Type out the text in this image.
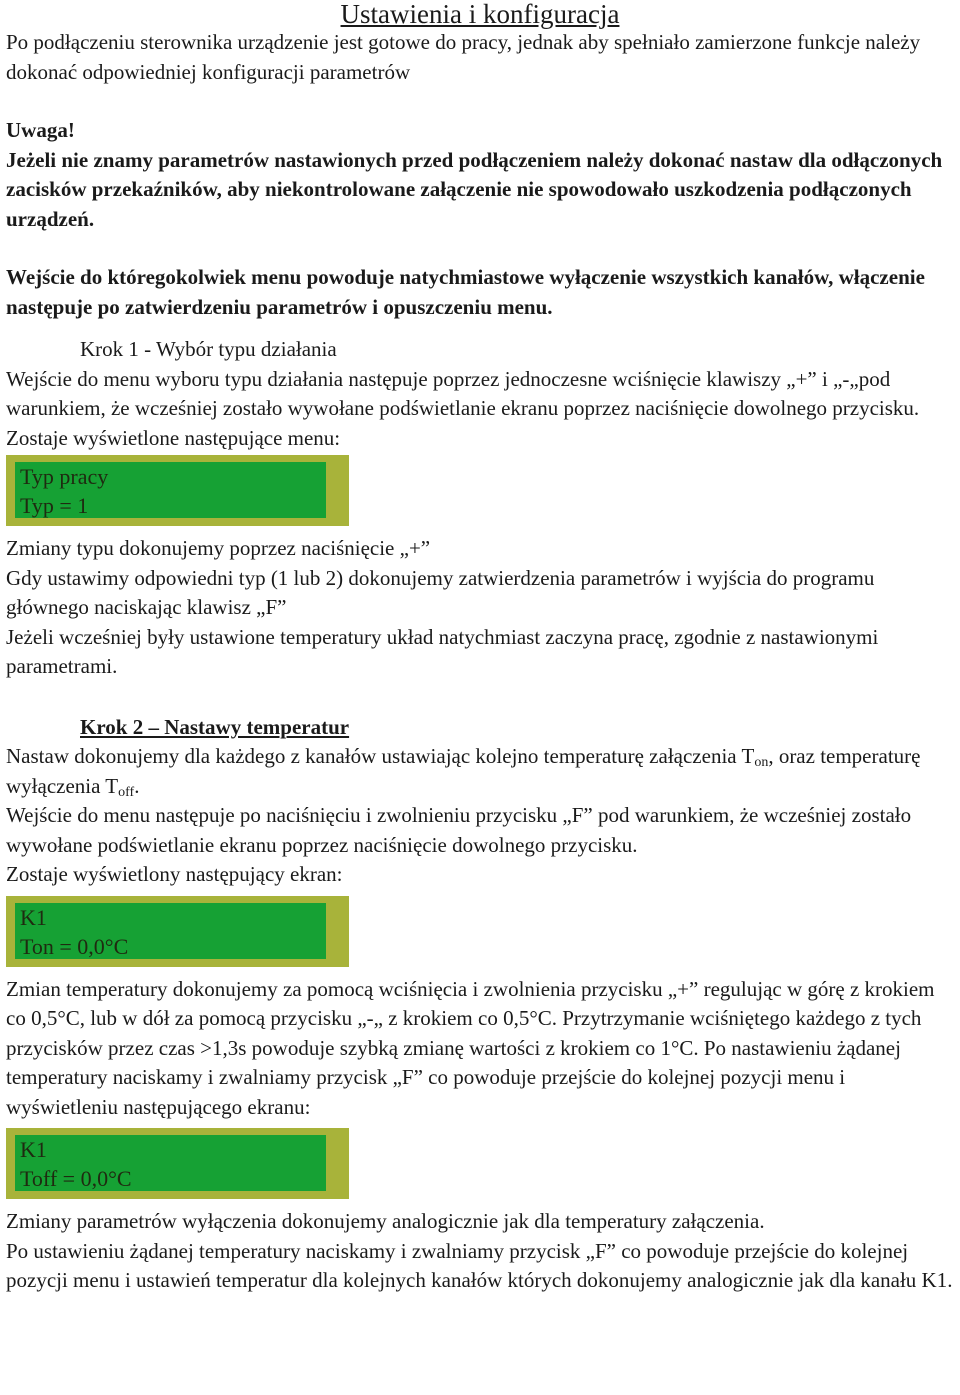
Ustawienia i konfiguracja

Po podłączeniu sterownika urządzenie jest gotowe do pracy, jednak aby spełniało zamierzone funkcje należy dokonać odpowiedniej konfiguracji parametrów

Uwaga!

Jeżeli nie znamy parametrów nastawionych przed podłączeniem należy dokonać nastaw dla odłączonych zacisków przekaźników, aby niekontrolowane załączenie nie spowodowało uszkodzenia podłączonych urządzeń.

Wejście do któregokolwiek menu powoduje natychmiastowe wyłączenie wszystkich kanałów, włączenie następuje po zatwierdzeniu parametrów i opuszczeniu menu.

Krok 1 - Wybór typu działania

Wejście do menu wyboru typu działania następuje poprzez jednoczesne wciśnięcie klawiszy „+” i „-„pod warunkiem, że wcześniej zostało wywołane podświetlanie ekranu poprzez naciśnięcie dowolnego przycisku.

Zostaje wyświetlone następujące menu:

Typ pracy
Typ = 1

Zmiany typu dokonujemy poprzez naciśnięcie „+”

Gdy ustawimy odpowiedni typ (1 lub 2) dokonujemy zatwierdzenia parametrów i wyjścia do programu głównego naciskając klawisz „F”

Jeżeli wcześniej były ustawione temperatury układ natychmiast zaczyna pracę, zgodnie z nastawionymi parametrami.

Krok 2 – Nastawy temperatur

Nastaw dokonujemy dla każdego z kanałów ustawiając kolejno temperaturę załączenia $T_{on}$, oraz temperaturę wyłączenia $T_{off}$.

Wejście do menu następuje po naciśnięciu i zwolnieniu przycisku „F” pod warunkiem, że wcześniej zostało wywołane podświetlanie ekranu poprzez naciśnięcie dowolnego przycisku.

Zostaje wyświetlony następujący ekran:

K1
Ton = 0,0°C

Zmian temperatury dokonujemy za pomocą wciśnięcia i zwolnienia przycisku „+” regulując w górę z krokiem co 0,5°C, lub w dół za pomocą przycisku „-„ z krokiem co 0,5°C. Przytrzymanie wciśniętego każdego z tych przycisków przez czas >1,3s powoduje szybką zmianę wartości z krokiem co 1°C. Po nastawieniu żądanej temperatury naciskamy i zwalniamy przycisk „F” co powoduje przejście do kolejnej pozycji menu i wyświetleniu następującego ekranu:

K1
Toff = 0,0°C

Zmiany parametrów wyłączenia dokonujemy analogicznie jak dla temperatury załączenia.

Po ustawieniu żądanej temperatury naciskamy i zwalniamy przycisk „F” co powoduje przejście do kolejnej pozycji menu i ustawień temperatur dla kolejnych kanałów których dokonujemy analogicznie jak dla kanału K1.
